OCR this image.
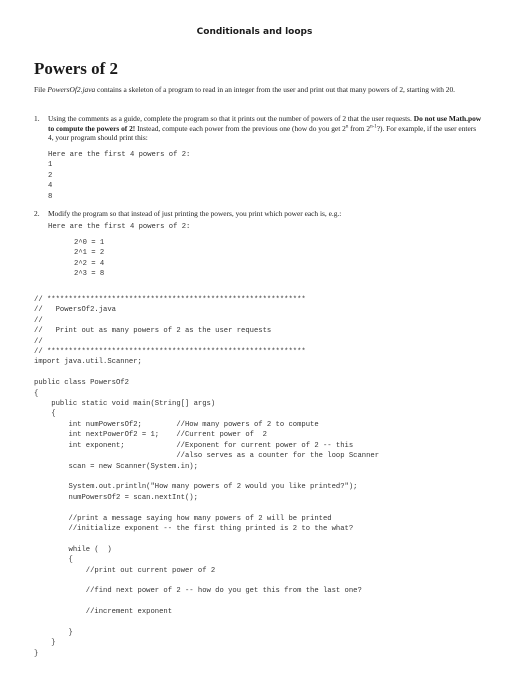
Conditionals and loops
Powers of 2
File PowersOf2.java contains a skeleton of a program to read in an integer from the user and print out that many powers of 2, starting with 20.
1. Using the comments as a guide, complete the program so that it prints out the number of powers of 2 that the user requests. Do not use Math.pow to compute the powers of 2! Instead, compute each power from the previous one (how do you get 2$^n$ from 2$^{n-1}$?). For example, if the user enters 4, your program should print this:
Here are the first 4 powers of 2:
1
2
4
8
2. Modify the program so that instead of just printing the powers, you print which power each is, e.g.:
Here are the first 4 powers of 2:
2^0 = 1
2^1 = 2
2^2 = 4
2^3 = 8
// ************************************************************
//   PowersOf2.java
//
//   Print out as many powers of 2 as the user requests
//
// ************************************************************
import java.util.Scanner;

public class PowersOf2
{
public static void main(String[] args)
{
int numPowersOf2;        //How many powers of 2 to compute
int nextPowerOf2 = 1;    //Current power of  2
int exponent;            //Exponent for current power of 2 -- this
//also serves as a counter for the loop Scanner
scan = new Scanner(System.in);

System.out.println("How many powers of 2 would you like printed?");
numPowersOf2 = scan.nextInt();

//print a message saying how many powers of 2 will be printed
//initialize exponent -- the first thing printed is 2 to the what?

while (  )
{
//print out current power of 2

//find next power of 2 -- how do you get this from the last one?

//increment exponent

}
}
}
